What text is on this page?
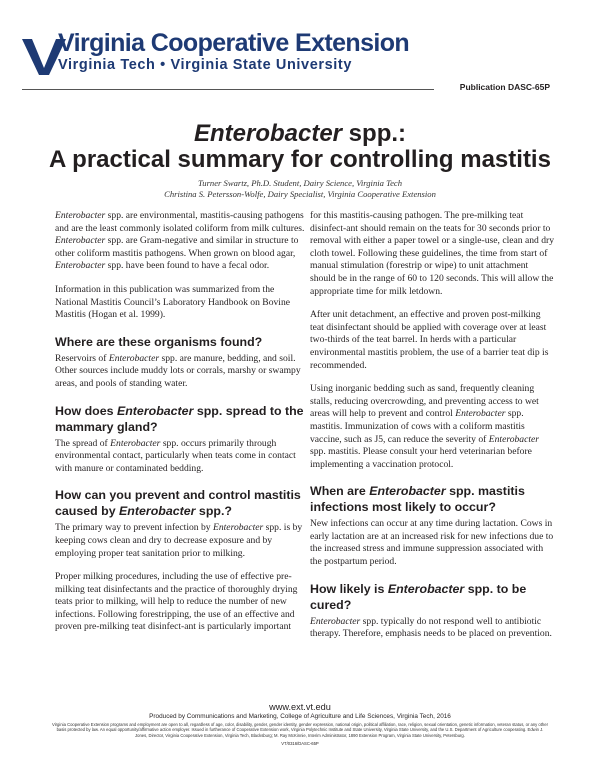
Virginia Cooperative Extension
Virginia Tech • Virginia State University
Publication DASC-65P
Enterobacter spp.:
A practical summary for controlling mastitis
Turner Swartz, Ph.D. Student, Dairy Science, Virginia Tech
Christina S. Petersson-Wolfe, Dairy Specialist, Virginia Cooperative Extension

Enterobacter spp. are environmental, mastitis-causing pathogens and are the least commonly isolated coliform from milk cultures. Enterobacter spp. are Gram-negative and similar in structure to other coliform mastitis pathogens. When grown on blood agar, Enterobacter spp. have been found to have a fecal odor.

Information in this publication was summarized from the National Mastitis Council’s Laboratory Handbook on Bovine Mastitis (Hogan et al. 1999).

Where are these organisms found?

Reservoirs of Enterobacter spp. are manure, bedding, and soil. Other sources include muddy lots or corrals, marshy or swampy areas, and pools of standing water.

How does Enterobacter spp. spread to the mammary gland?

The spread of Enterobacter spp. occurs primarily through environmental contact, particularly when teats come in contact with manure or contaminated bedding.

How can you prevent and control mastitis caused by Enterobacter spp.?

The primary way to prevent infection by Enterobacter spp. is by keeping cows clean and dry to decrease exposure and by employing proper teat sanitation prior to milking.

Proper milking procedures, including the use of effective pre-milking teat disinfectants and the practice of thoroughly drying teats prior to milking, will help to reduce the number of new infections. Following forestripping, the use of an effective and proven pre-milking teat disinfect-ant is particularly important

for this mastitis-causing pathogen. The pre-milking teat disinfect-ant should remain on the teats for 30 seconds prior to removal with either a paper towel or a single-use, clean and dry cloth towel. Following these guidelines, the time from start of manual stimulation (forestrip or wipe) to unit attachment should be in the range of 60 to 120 seconds. This will allow the appropriate time for milk letdown.

After unit detachment, an effective and proven post-milking teat disinfectant should be applied with coverage over at least two-thirds of the teat barrel. In herds with a particular environmental mastitis problem, the use of a barrier teat dip is recommended.

Using inorganic bedding such as sand, frequently cleaning stalls, reducing overcrowding, and preventing access to wet areas will help to prevent and control Enterobacter spp. mastitis. Immunization of cows with a coliform mastitis vaccine, such as J5, can reduce the severity of Enterobacter spp. mastitis. Please consult your herd veterinarian before implementing a vaccination protocol.

When are Enterobacter spp. mastitis infections most likely to occur?

New infections can occur at any time during lactation. Cows in early lactation are at an increased risk for new infections due to the increased stress and immune suppression associated with the postpartum period.

How likely is Enterobacter spp. to be cured?

Enterobacter spp. typically do not respond well to antibiotic therapy. Therefore, emphasis needs to be placed on prevention.

www.ext.vt.edu
Produced by Communications and Marketing, College of Agriculture and Life Sciences, Virginia Tech, 2016
Virginia Cooperative Extension programs and employment are open to all, regardless of age, color, disability, gender, gender identity, gender expression, national origin, political affiliation, race, religion, sexual orientation, genetic information, veteran status, or any other basis protected by law. An equal opportunity/affirmative action employer. Issued in furtherance of Cooperative Extension work, Virginia Polytechnic Institute and State University, Virginia State University, and the U.S. Department of Agriculture cooperating. Edwin J. Jones, Director, Virginia Cooperative Extension, Virginia Tech, Blacksburg; M. Ray McKinnie, Interim Administrator, 1890 Extension Program, Virginia State University, Petersburg.
VT/0316/DASC-65P
